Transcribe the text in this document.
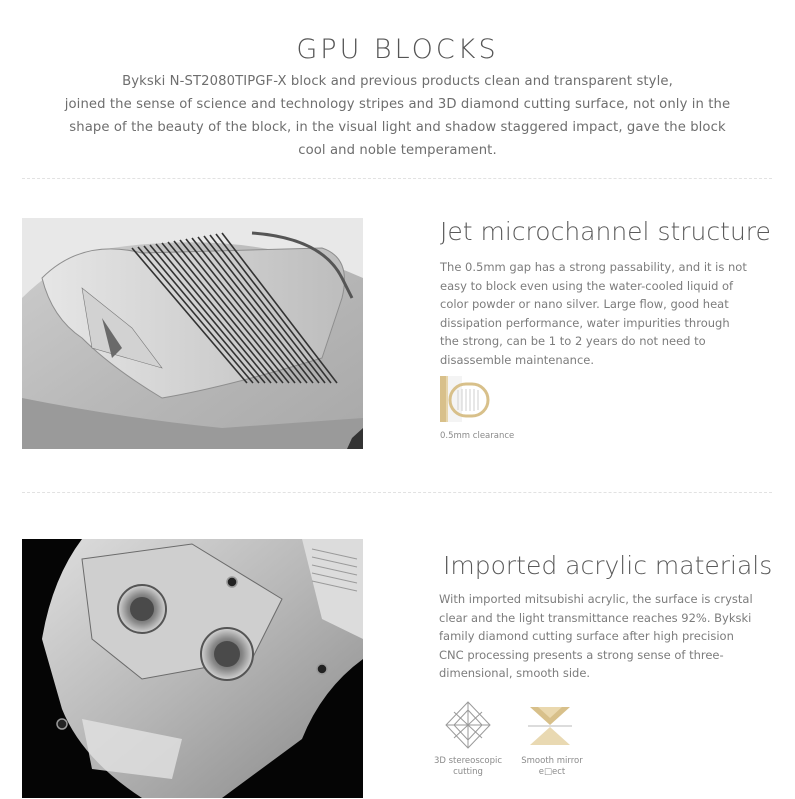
GPU BLOCKS
Bykski N-ST2080TIPGF-X block and previous products clean and transparent style,
joined the sense of science and technology stripes and 3D diamond cutting surface, not only in the
shape of the beauty of the block, in the visual light and shadow staggered impact, gave the block
cool and noble temperament.
Jet microchannel structure
The 0.5mm gap has a strong passability, and it is not
easy to block even using the water-cooled liquid of
color powder or nano silver. Large flow, good heat
dissipation performance, water impurities through
the strong, can be 1 to 2 years do not need to
disassemble maintenance.
0.5mm clearance
Imported acrylic materials
With imported mitsubishi acrylic, the surface is crystal
clear and the light transmittance reaches 92%. Bykski
family diamond cutting surface after high precision
CNC processing presents a strong sense of three-
dimensional, smooth side.
3D stereoscopic
cutting
Smooth mirror
e□ect
